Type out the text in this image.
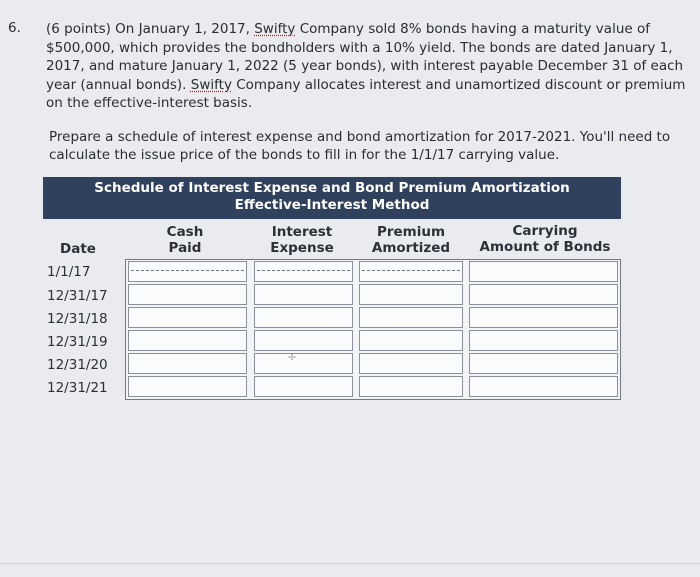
6. (6 points) On January 1, 2017, Swifty Company sold 8% bonds having a maturity value of
$500,000, which provides the bondholders with a 10% yield. The bonds are dated January 1,
2017, and mature January 1, 2022 (5 year bonds), with interest payable December 31 of each
year (annual bonds). Swifty Company allocates interest and unamortized discount or premium
on the effective-interest basis.
Prepare a schedule of interest expense and bond amortization for 2017-2021. You'll need to
calculate the issue price of the bonds to fill in for the 1/1/17 carrying value.
Schedule of Interest Expense and Bond Premium Amortization
Effective-Interest Method
Date
Cash
Paid
Interest
Expense
Premium
Amortized
Carrying
Amount of Bonds
1/1/17
12/31/17
12/31/18
12/31/19
12/31/20
12/31/21
÷
